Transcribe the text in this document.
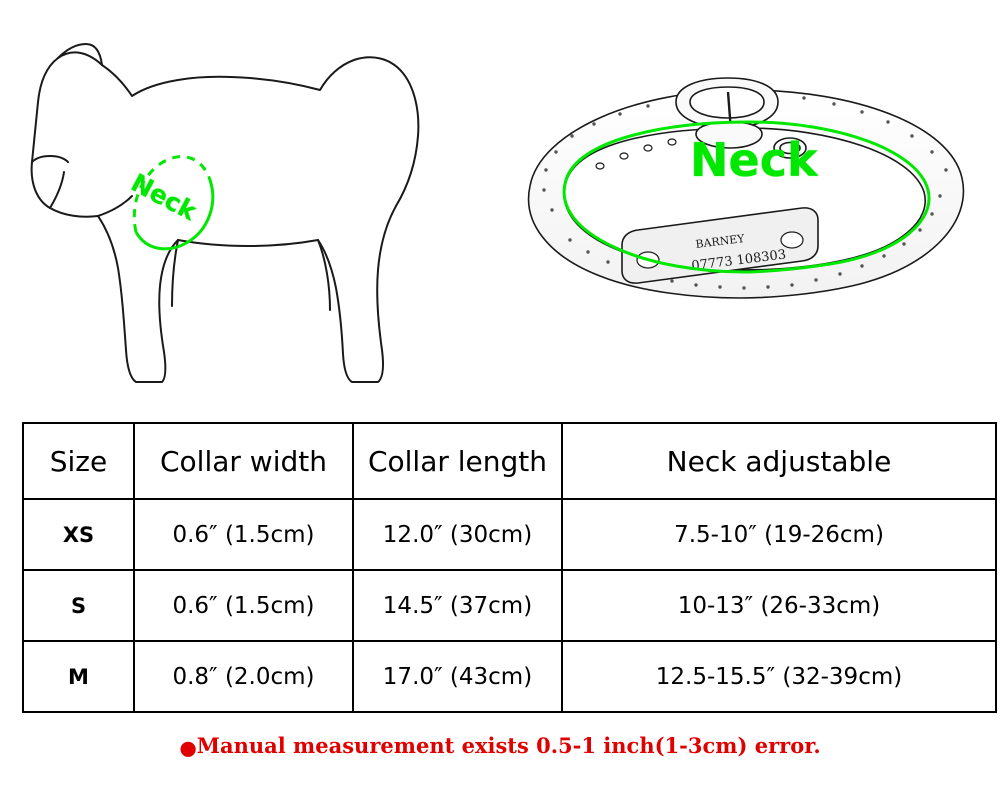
Neck
BARNEY
07773 108303
Neck
Size	Collar width	Collar length	Neck adjustable
XS	0.6″ (1.5cm)	12.0″ (30cm)	7.5-10″ (19-26cm)
S	0.6″ (1.5cm)	14.5″ (37cm)	10-13″ (26-33cm)
M	0.8″ (2.0cm)	17.0″ (43cm)	12.5-15.5″ (32-39cm)
●Manual measurement exists 0.5-1 inch(1-3cm) error.
